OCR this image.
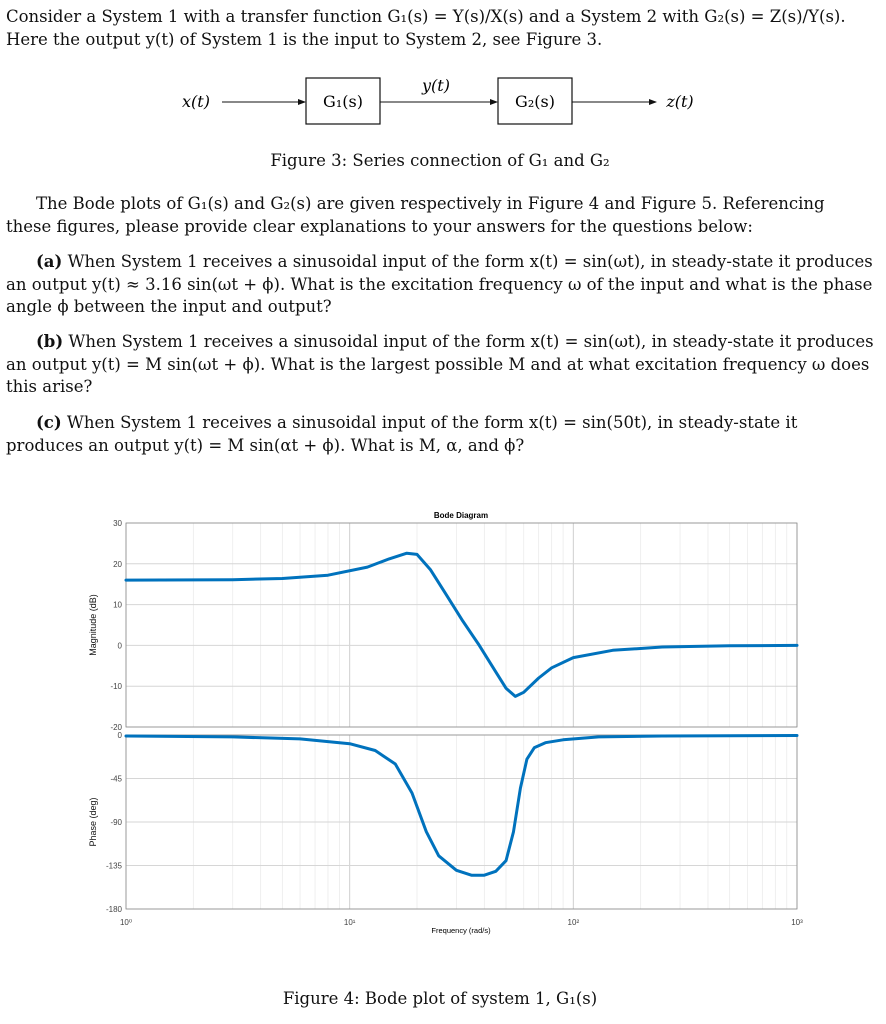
Consider a System 1 with a transfer function G₁(s) = Y(s)/X(s) and a System 2 with G₂(s) = Z(s)/Y(s).
Here the output y(t) of System 1 is the input to System 2, see Figure 3.
x(t)	G₁(s)
y(t)
G₂(s)	z(t)
Figure 3: Series connection of G₁ and G₂
The Bode plots of G₁(s) and G₂(s) are given respectively in Figure 4 and Figure 5. Referencing these figures, please provide clear explanations to your answers for the questions below:
(a) When System 1 receives a sinusoidal input of the form x(t) = sin(ωt), in steady-state it produces an output y(t) ≈ 3.16 sin(ωt + ϕ). What is the excitation frequency ω of the input and what is the phase angle ϕ between the input and output?
(b) When System 1 receives a sinusoidal input of the form x(t) = sin(ωt), in steady-state it produces an output y(t) = M sin(ωt + ϕ). What is the largest possible M and at what excitation frequency ω does this arise?
(c) When System 1 receives a sinusoidal input of the form x(t) = sin(50t), in steady-state it produces an output y(t) = M sin(αt + ϕ). What is M, α, and ϕ?
Bode Diagram
30
20
10
0
-10
-20
Magnitude (dB)
0
-45
-90
-135
-180
Phase (deg)
Frequency (rad/s)
10⁰	10¹	10²	10³
Figure 4: Bode plot of system 1, G₁(s)
